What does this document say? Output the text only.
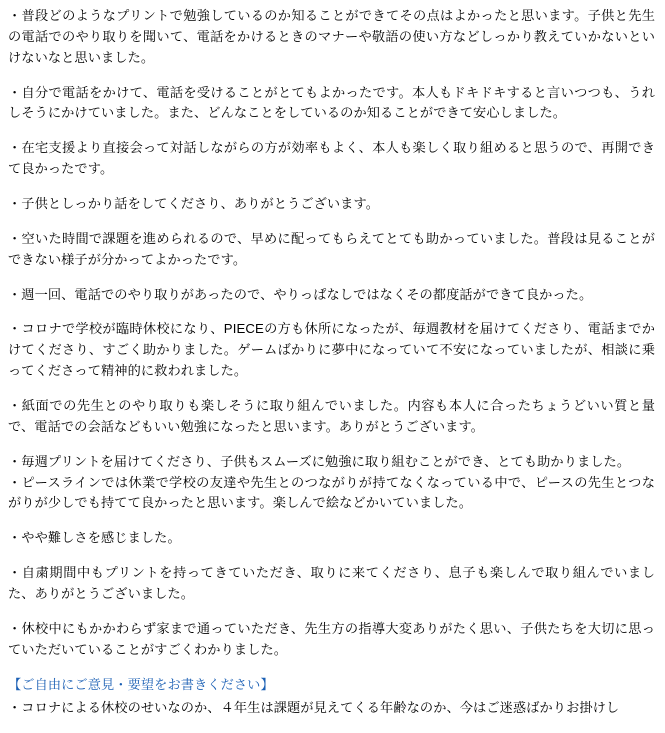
・普段どのようなプリントで勉強しているのか知ることができてその点はよかったと思います。子供と先生の電話でのやり取りを聞いて、電話をかけるときのマナーや敬語の使い方などしっかり教えていかないといけないなと思いました。

・自分で電話をかけて、電話を受けることがとてもよかったです。本人もドキドキすると言いつつも、うれしそうにかけていました。また、どんなことをしているのか知ることができて安心しました。

・在宅支援より直接会って対話しながらの方が効率もよく、本人も楽しく取り組めると思うので、再開できて良かったです。

・子供としっかり話をしてくださり、ありがとうございます。

・空いた時間で課題を進められるので、早めに配ってもらえてとても助かっていました。普段は見ることができない様子が分かってよかったです。

・週一回、電話でのやり取りがあったので、やりっぱなしではなくその都度話ができて良かった。

・コロナで学校が臨時休校になり、PIECEの方も休所になったが、毎週教材を届けてくださり、電話までかけてくださり、すごく助かりました。ゲームばかりに夢中になっていて不安になっていましたが、相談に乗ってくださって精神的に救われました。

・紙面での先生とのやり取りも楽しそうに取り組んでいました。内容も本人に合ったちょうどいい質と量で、電話での会話などもいい勉強になったと思います。ありがとうございます。

・毎週プリントを届けてくださり、子供もスムーズに勉強に取り組むことができ、とても助かりました。

・ピースラインでは休業で学校の友達や先生とのつながりが持てなくなっている中で、ピースの先生とつながりが少しでも持てて良かったと思います。楽しんで絵などかいていました。

・やや難しさを感じました。

・自粛期間中もプリントを持ってきていただき、取りに来てくださり、息子も楽しんで取り組んでいました、ありがとうございました。

・休校中にもかかわらず家まで通っていただき、先生方の指導大変ありがたく思い、子供たちを大切に思っていただいていることがすごくわかりました。

【ご自由にご意見・要望をお書きください】

・コロナによる休校のせいなのか、４年生は課題が見えてくる年齢なのか、今はご迷惑ばかりお掛けし
